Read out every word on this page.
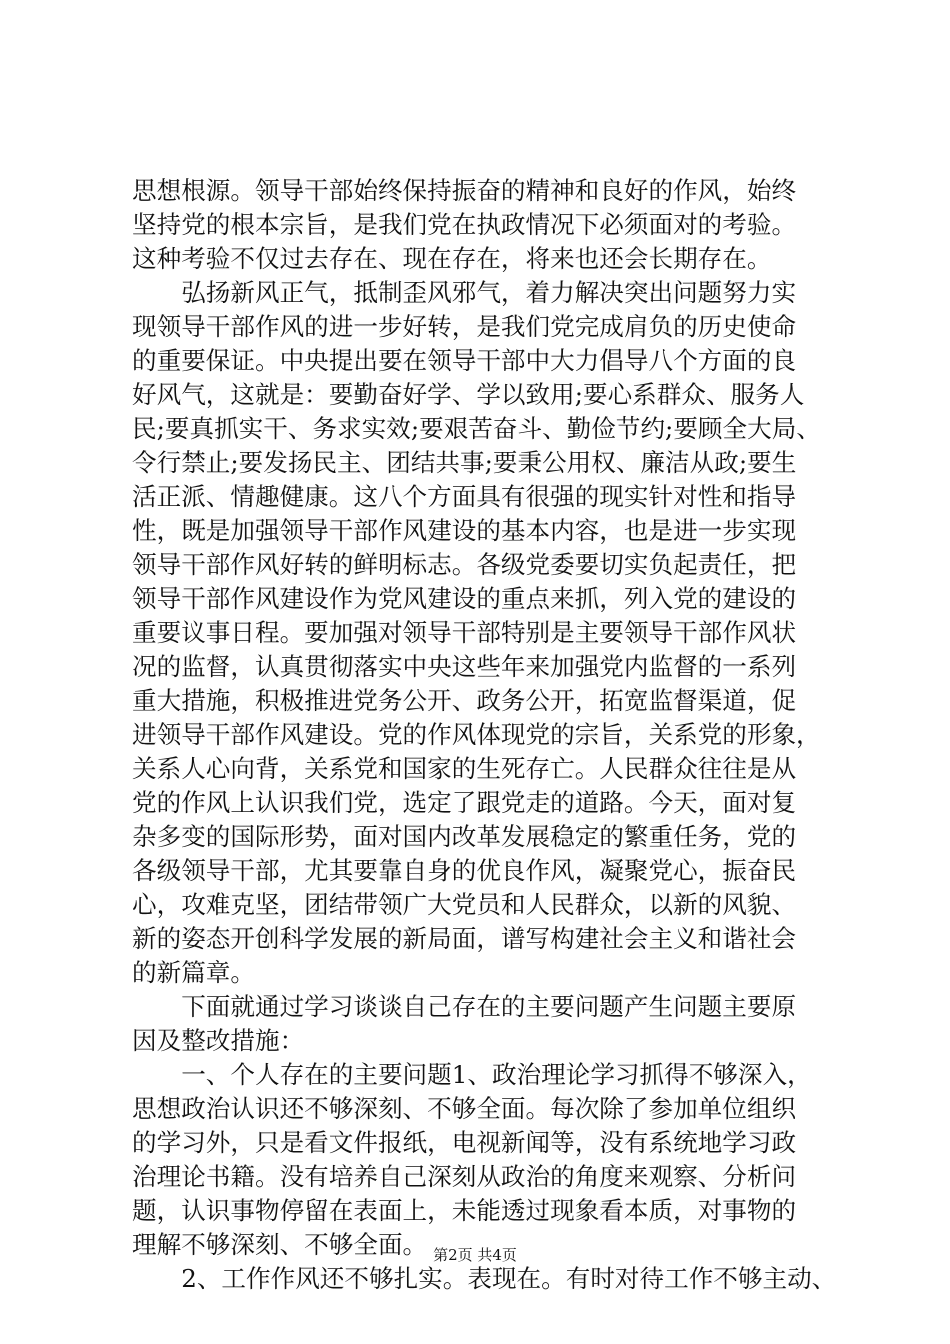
思想根源。领导干部始终保持振奋的精神和良好的作风，始终
坚持党的根本宗旨，是我们党在执政情况下必须面对的考验。
这种考验不仅过去存在、现在存在，将来也还会长期存在。
　　弘扬新风正气，抵制歪风邪气，着力解决突出问题努力实
现领导干部作风的进一步好转，是我们党完成肩负的历史使命
的重要保证。中央提出要在领导干部中大力倡导八个方面的良
好风气，这就是：要勤奋好学、学以致用;要心系群众、服务人
民;要真抓实干、务求实效;要艰苦奋斗、勤俭节约;要顾全大局、
令行禁止;要发扬民主、团结共事;要秉公用权、廉洁从政;要生
活正派、情趣健康。这八个方面具有很强的现实针对性和指导
性，既是加强领导干部作风建设的基本内容，也是进一步实现
领导干部作风好转的鲜明标志。各级党委要切实负起责任，把
领导干部作风建设作为党风建设的重点来抓，列入党的建设的
重要议事日程。要加强对领导干部特别是主要领导干部作风状
况的监督，认真贯彻落实中央这些年来加强党内监督的一系列
重大措施，积极推进党务公开、政务公开，拓宽监督渠道，促
进领导干部作风建设。党的作风体现党的宗旨，关系党的形象，
关系人心向背，关系党和国家的生死存亡。人民群众往往是从
党的作风上认识我们党，选定了跟党走的道路。今天，面对复
杂多变的国际形势，面对国内改革发展稳定的繁重任务，党的
各级领导干部，尤其要靠自身的优良作风，凝聚党心，振奋民
心，攻难克坚，团结带领广大党员和人民群众，以新的风貌、
新的姿态开创科学发展的新局面，谱写构建社会主义和谐社会
的新篇章。
　　下面就通过学习谈谈自己存在的主要问题产生问题主要原
因及整改措施：
　　一、个人存在的主要问题1、政治理论学习抓得不够深入，
思想政治认识还不够深刻、不够全面。每次除了参加单位组织
的学习外，只是看文件报纸，电视新闻等，没有系统地学习政
治理论书籍。没有培养自己深刻从政治的角度来观察、分析问
题，认识事物停留在表面上，未能透过现象看本质，对事物的
理解不够深刻、不够全面。
　　2、工作作风还不够扎实。表现在。有时对待工作不够主动、
第2页 共4页
